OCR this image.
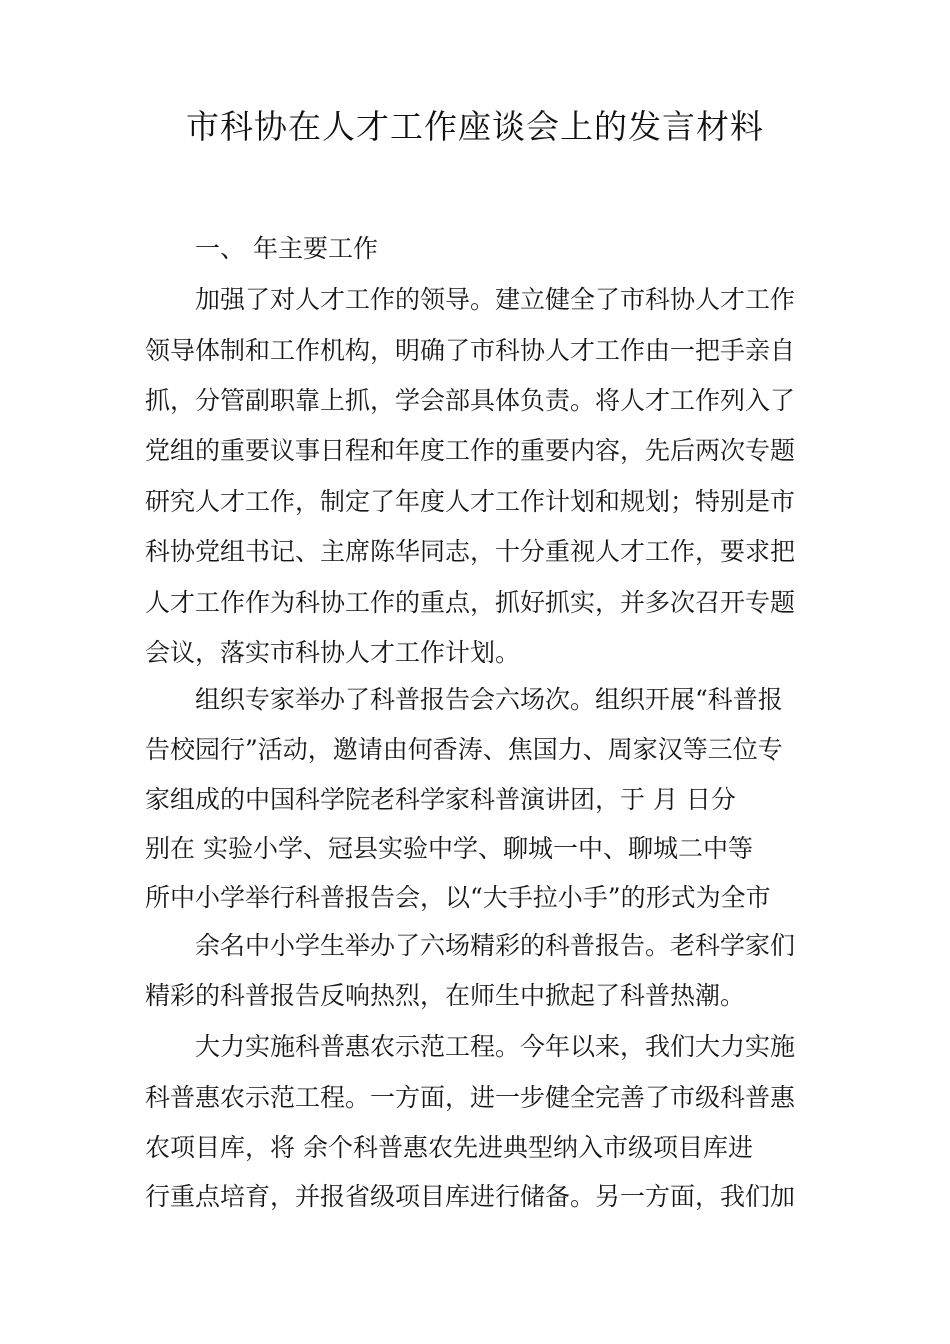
市科协在人才工作座谈会上的发言材料
一、 年主要工作
加强了对人才工作的领导。建立健全了市科协人才工作
领导体制和工作机构，明确了市科协人才工作由一把手亲自
抓，分管副职靠上抓，学会部具体负责。将人才工作列入了
党组的重要议事日程和年度工作的重要内容，先后两次专题
研究人才工作，制定了年度人才工作计划和规划；特别是市
科协党组书记、主席陈华同志，十分重视人才工作，要求把
人才工作作为科协工作的重点，抓好抓实，并多次召开专题
会议，落实市科协人才工作计划。
组织专家举办了科普报告会六场次。组织开展“科普报
告校园行”活动，邀请由何香涛、焦国力、周家汉等三位专
家组成的中国科学院老科学家科普演讲团，于 月 日分
别在 实验小学、冠县实验中学、聊城一中、聊城二中等
所中小学举行科普报告会，以“大手拉小手”的形式为全市
余名中小学生举办了六场精彩的科普报告。老科学家们
精彩的科普报告反响热烈，在师生中掀起了科普热潮。
大力实施科普惠农示范工程。今年以来，我们大力实施
科普惠农示范工程。一方面，进一步健全完善了市级科普惠
农项目库，将 余个科普惠农先进典型纳入市级项目库进
行重点培育，并报省级项目库进行储备。另一方面，我们加
